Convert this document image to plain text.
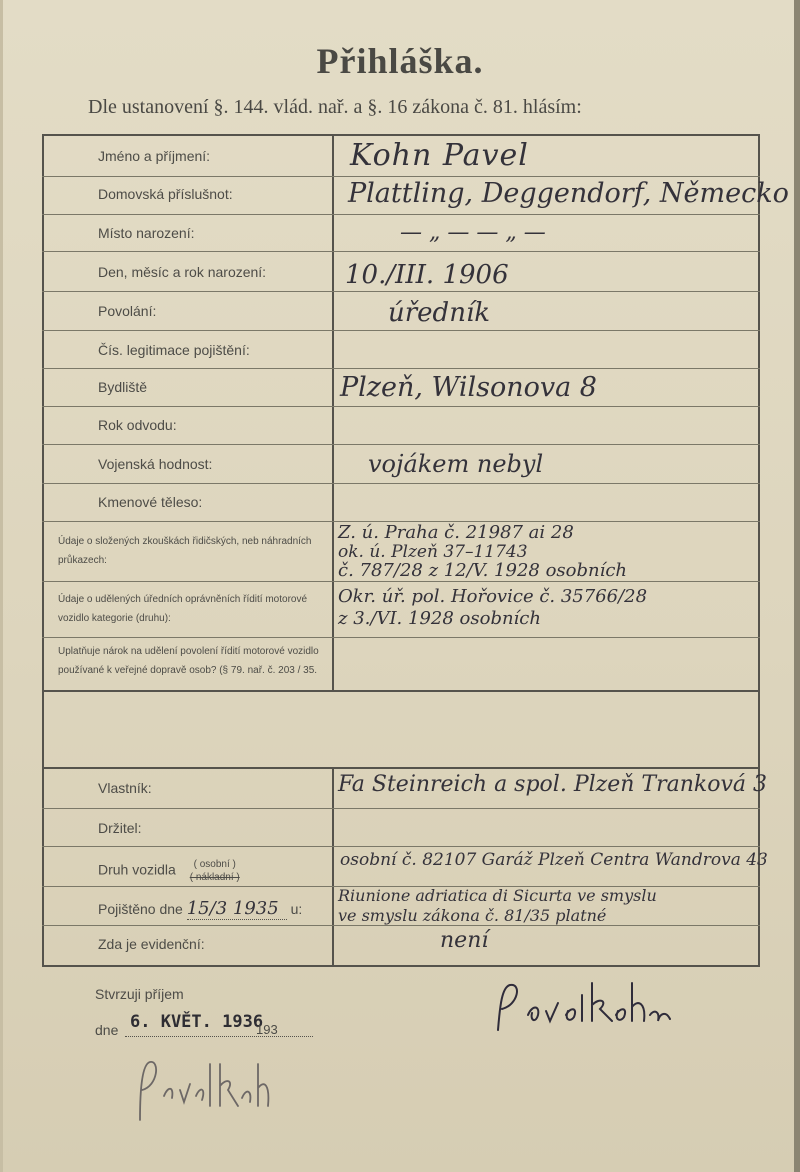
Přihláška.
Dle ustanovení §. 144. vlád. nař. a §. 16 zákona č. 81. hlásím:
Jméno a příjmení:
Domovská příslušnot:
Místo narození:
Den, měsíc a rok narození:
Povolání:
Čís. legitimace pojištění:
Bydliště
Rok odvodu:
Vojenská hodnost:
Kmenové těleso:
Údaje o složených zkouškách řidičských, neb náhradních průkazech:
Údaje o udělených úředních oprávněních řídití motorové vozidlo kategorie (druhu):
Uplatňuje nárok na udělení povolení řídití motorové vozidlo používané k veřejné dopravě osob? (§ 79. nař. č. 203 / 35.
Kohn Pavel
Plattling, Deggendorf, Německo
— „ — — „ —
10./III. 1906
úředník
Plzeň, Wilsonova 8
vojákem nebyl
Z. ú. Praha č. 21987 ai 28
ok. ú. Plzeň 37–11743
č. 787/28 z 12/V. 1928 osobních
Okr. úř. pol. Hořovice č. 35766/28
z 3./VI. 1928 osobních
Vlastník:	Fa Steinreich a spol. Plzeň Tranková 3
Držitel:
Druh vozidla ( osobní )
( nákladní )
osobní č. 82107 Garáž Plzeň Centra Wandrova 43
Pojištěno dne 15/3 1935 u:
Riunione adriatica di Sicurta ve smyslu
ve smyslu zákona č. 81/35 platné
Zda je evidenční:	není
Stvrzuji příjem
dne 6. KVĚT. 1936
193
